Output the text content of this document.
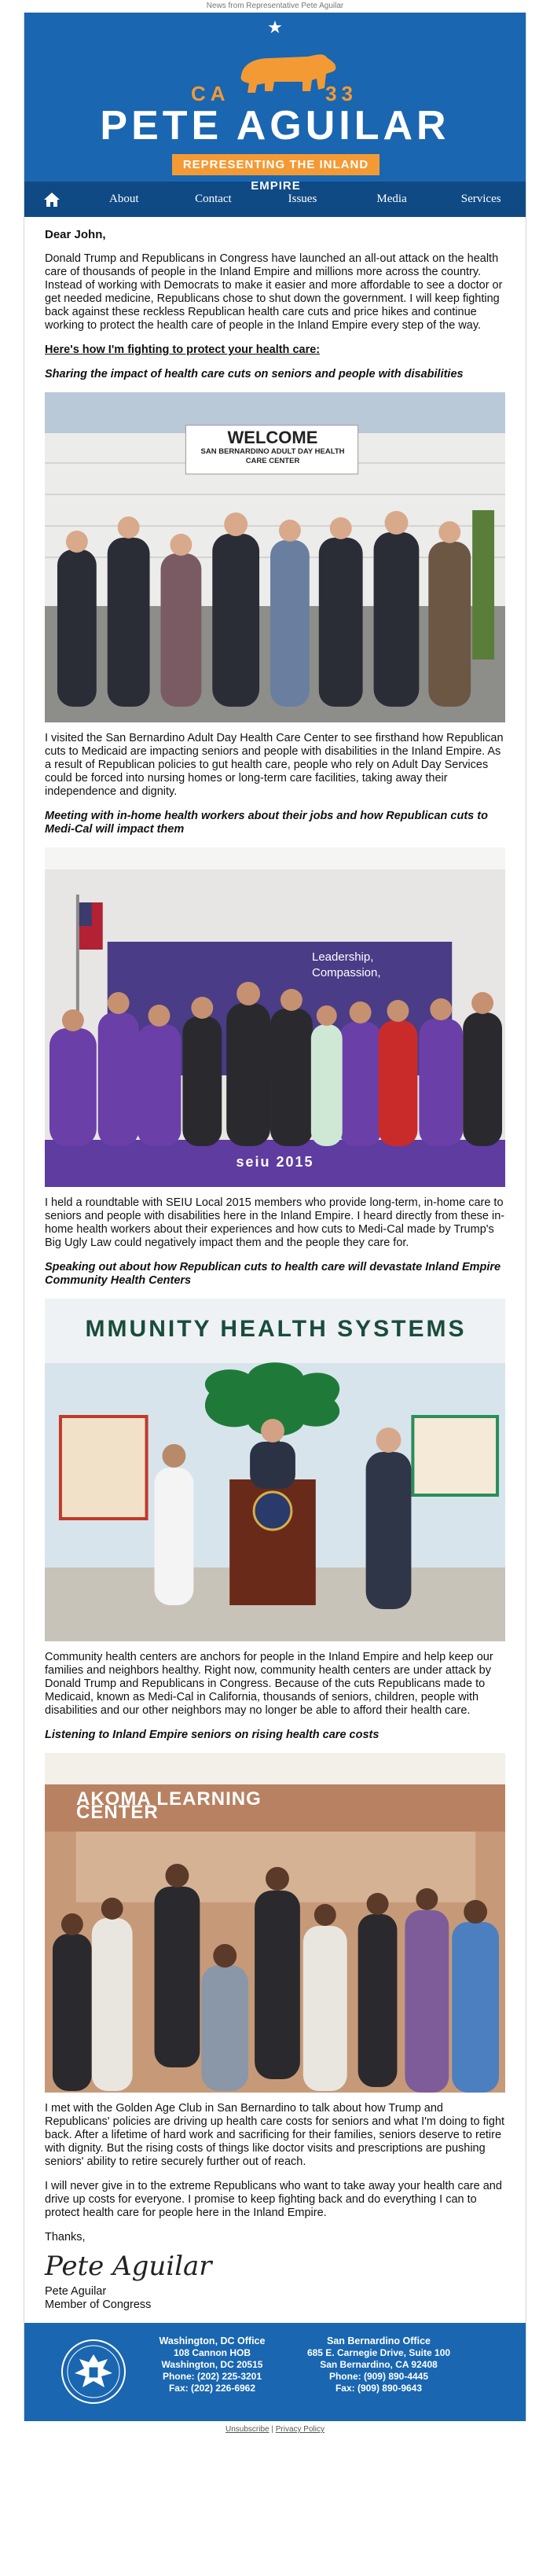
News from Representative Pete Aguilar
★
CA	33
PETE AGUILAR
REPRESENTING THE INLAND EMPIRE
About	Contact	Issues	Media	Services

Dear John,

Donald Trump and Republicans in Congress have launched an all-out attack on the health care of thousands of people in the Inland Empire and millions more across the country. Instead of working with Democrats to make it easier and more affordable to see a doctor or get needed medicine, Republicans chose to shut down the government. I will keep fighting back against these reckless Republican health care cuts and price hikes and continue working to protect the health care of people in the Inland Empire every step of the way.

Here's how I'm fighting to protect your health care:

Sharing the impact of health care cuts on seniors and people with disabilities

WELCOME
SAN BERNARDINO ADULT DAY HEALTH CARE CENTER

I visited the San Bernardino Adult Day Health Care Center to see firsthand how Republican cuts to Medicaid are impacting seniors and people with disabilities in the Inland Empire. As a result of Republican policies to gut health care, people who rely on Adult Day Services could be forced into nursing homes or long-term care facilities, taking away their independence and dignity.

Meeting with in-home health workers about their jobs and how Republican cuts to Medi-Cal will impact them

Leadership, Compassion,
seiu 2015

I held a roundtable with SEIU Local 2015 members who provide long-term, in-home care to seniors and people with disabilities here in the Inland Empire. I heard directly from these in-home health workers about their experiences and how cuts to Medi-Cal made by Trump's Big Ugly Law could negatively impact them and the people they care for.

Speaking out about how Republican cuts to health care will devastate Inland Empire Community Health Centers

MMUNITY HEALTH SYSTEMS

Community health centers are anchors for people in the Inland Empire and help keep our families and neighbors healthy. Right now, community health centers are under attack by Donald Trump and Republicans in Congress. Because of the cuts Republicans made to Medicaid, known as Medi-Cal in California, thousands of seniors, children, people with disabilities and our other neighbors may no longer be able to afford their health care.

Listening to Inland Empire seniors on rising health care costs

AKOMA LEARNING CENTER

I met with the Golden Age Club in San Bernardino to talk about how Trump and Republicans' policies are driving up health care costs for seniors and what I'm doing to fight back. After a lifetime of hard work and sacrificing for their families, seniors deserve to retire with dignity. But the rising costs of things like doctor visits and prescriptions are pushing seniors' ability to retire securely further out of reach.

I will never give in to the extreme Republicans who want to take away your health care and drive up costs for everyone. I promise to keep fighting back and do everything I can to protect health care for people here in the Inland Empire.

Thanks,

Pete Aguilar
Pete Aguilar
Member of Congress
Washington, DC Office
108 Cannon HOB
Washington, DC 20515
Phone: (202) 225-3201
Fax: (202) 226-6962
San Bernardino Office
685 E. Carnegie Drive, Suite 100
San Bernardino, CA 92408
Phone: (909) 890-4445
Fax: (909) 890-9643
Unsubscribe | Privacy Policy
